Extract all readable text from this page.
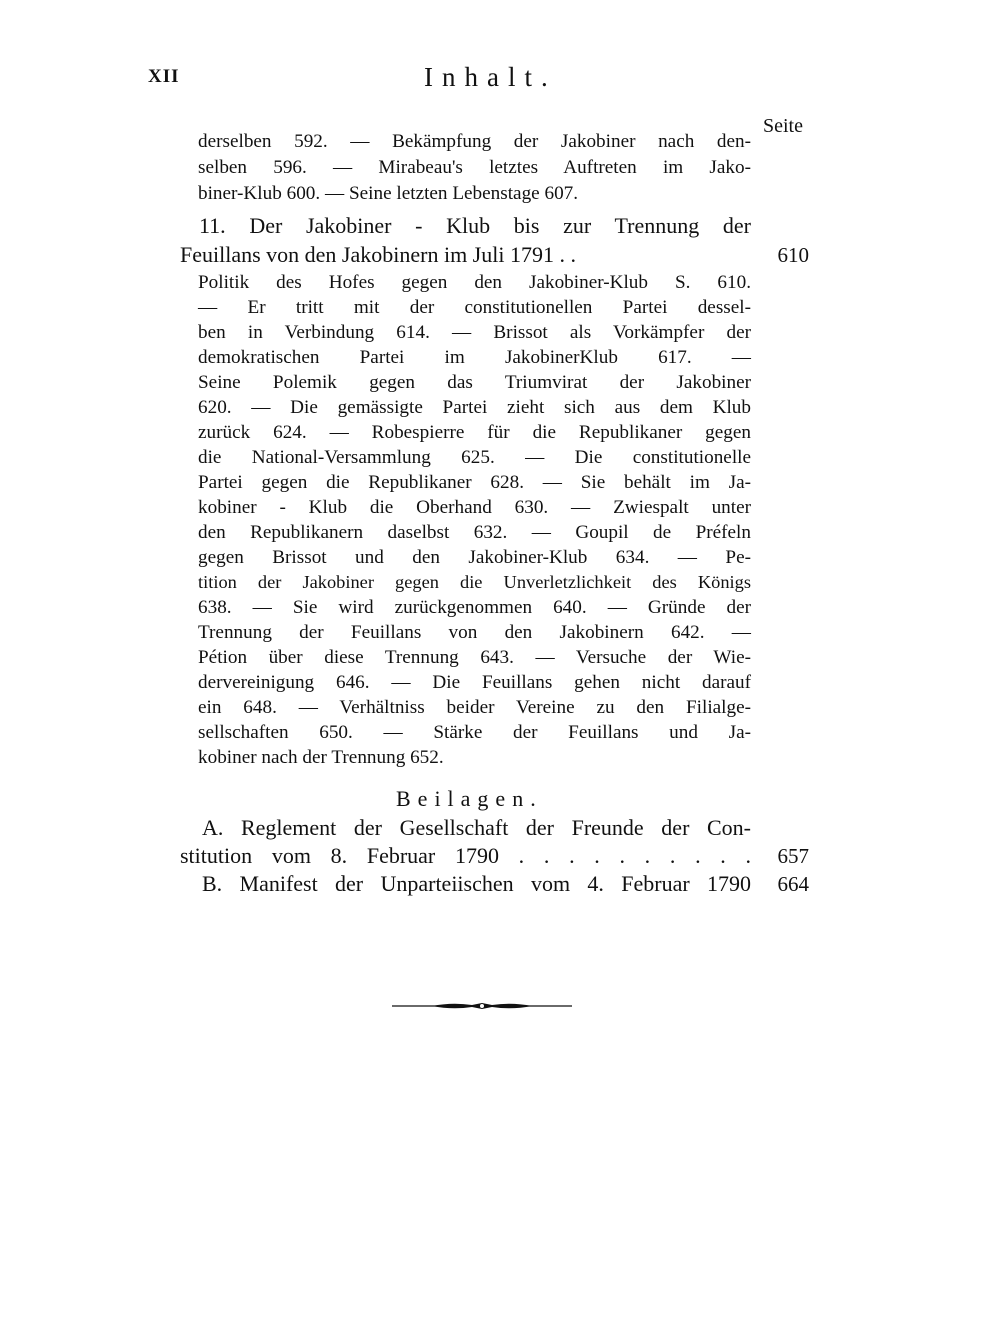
XII	Inhalt.
Seite
derselben 592. — Bekämpfung der Jakobiner nach den-
selben 596. — Mirabeau's letztes Auftreten im Jako-
biner-Klub 600. — Seine letzten Lebenstage 607.
11. Der Jakobiner - Klub bis zur Trennung der
Feuillans von den Jakobinern im Juli 1791 . .	610
Politik des Hofes gegen den Jakobiner-Klub S. 610.
— Er tritt mit der constitutionellen Partei dessel-
ben in Verbindung 614. — Brissot als Vorkämpfer der
demokratischen Partei im JakobinerKlub 617. —
Seine Polemik gegen das Triumvirat der Jakobiner
620. — Die gemässigte Partei zieht sich aus dem Klub
zurück 624. — Robespierre für die Republikaner gegen
die National-Versammlung 625. — Die constitutionelle
Partei gegen die Republikaner 628. — Sie behält im Ja-
kobiner - Klub die Oberhand 630. — Zwiespalt unter
den Republikanern daselbst 632. — Goupil de Préfeln
gegen Brissot und den Jakobiner-Klub 634. — Pe-
tition der Jakobiner gegen die Unverletzlichkeit des Königs
638. — Sie wird zurückgenommen 640. — Gründe der
Trennung der Feuillans von den Jakobinern 642. —
Pétion über diese Trennung 643. — Versuche der Wie-
dervereinigung 646. — Die Feuillans gehen nicht darauf
ein 648. — Verhältniss beider Vereine zu den Filialge-
sellschaften 650. — Stärke der Feuillans und Ja-
kobiner nach der Trennung 652.
Beilagen.
A. Reglement der Gesellschaft der Freunde der Con-
stitution vom 8. Februar 1790 . . . . . . . . . .	657
B. Manifest der Unparteiischen vom 4. Februar 1790	664
